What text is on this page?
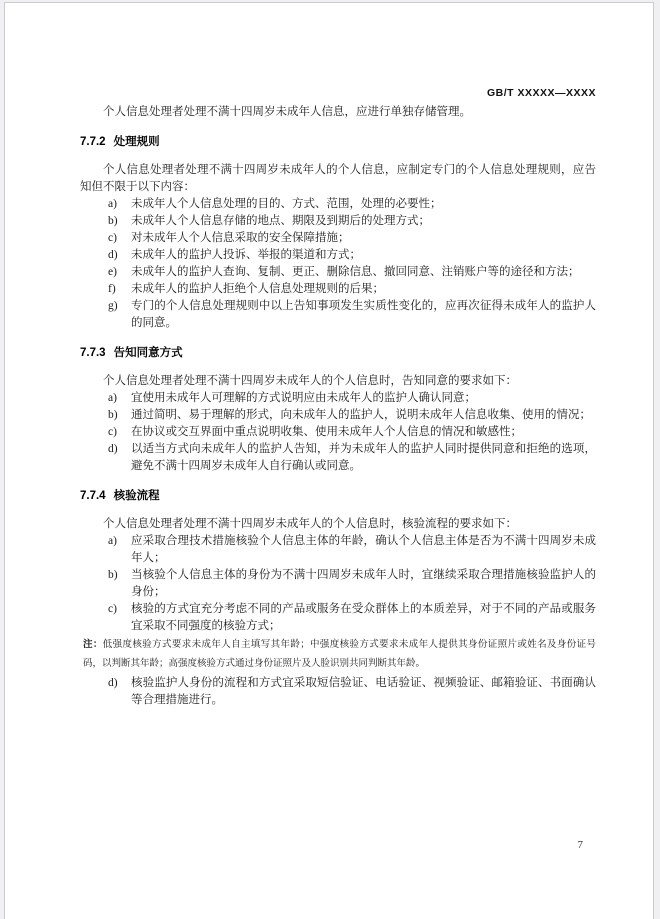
GB/T XXXXX—XXXX

个人信息处理者处理不满十四周岁未成年人信息，应进行单独存储管理。

7.7.2 处理规则

个人信息处理者处理不满十四周岁未成年人的个人信息，应制定专门的个人信息处理规则，应告知但不限于以下内容：

a)	未成年人个人信息处理的目的、方式、范围，处理的必要性；
b)	未成年人个人信息存储的地点、期限及到期后的处理方式；
c)	对未成年人个人信息采取的安全保障措施；
d)	未成年人的监护人投诉、举报的渠道和方式；
e)	未成年人的监护人查询、复制、更正、删除信息、撤回同意、注销账户等的途径和方法；
f)	未成年人的监护人拒绝个人信息处理规则的后果；
g)	专门的个人信息处理规则中以上告知事项发生实质性变化的，应再次征得未成年人的监护人的同意。
7.7.3 告知同意方式

个人信息处理者处理不满十四周岁未成年人的个人信息时，告知同意的要求如下：

a)	宜使用未成年人可理解的方式说明应由未成年人的监护人确认同意；
b)	通过简明、易于理解的形式，向未成年人的监护人，说明未成年人信息收集、使用的情况；
c)	在协议或交互界面中重点说明收集、使用未成年人个人信息的情况和敏感性；
d)	以适当方式向未成年人的监护人告知，并为未成年人的监护人同时提供同意和拒绝的选项，避免不满十四周岁未成年人自行确认或同意。
7.7.4 核验流程

个人信息处理者处理不满十四周岁未成年人的个人信息时，核验流程的要求如下：

a)	应采取合理技术措施核验个人信息主体的年龄，确认个人信息主体是否为不满十四周岁未成年人；
b)	当核验个人信息主体的身份为不满十四周岁未成年人时，宜继续采取合理措施核验监护人的身份；
c)	核验的方式宜充分考虑不同的产品或服务在受众群体上的本质差异，对于不同的产品或服务宜采取不同强度的核验方式；
注：低强度核验方式要求未成年人自主填写其年龄；中强度核验方式要求未成年人提供其身份证照片或姓名及身份证号码，以判断其年龄；高强度核验方式通过身份证照片及人脸识别共同判断其年龄。
d)	核验监护人身份的流程和方式宜采取短信验证、电话验证、视频验证、邮箱验证、书面确认等合理措施进行。
7
